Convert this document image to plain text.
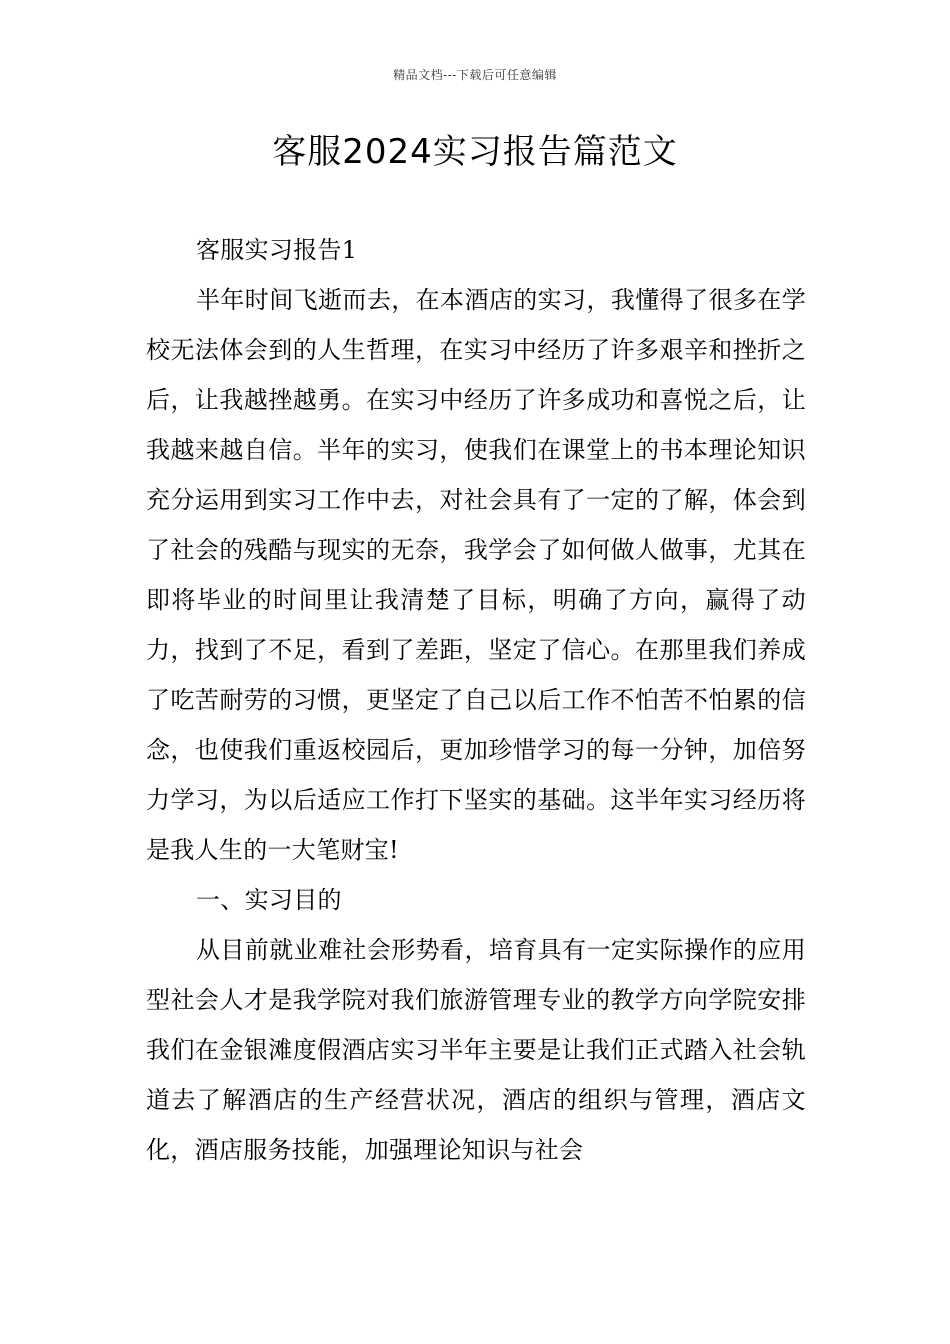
精品文档---下载后可任意编辑
客服2024实习报告篇范文

客服实习报告1

半年时间飞逝而去，在本酒店的实习，我懂得了很多在学校无法体会到的人生哲理，在实习中经历了许多艰辛和挫折之后，让我越挫越勇。在实习中经历了许多成功和喜悦之后，让我越来越自信。半年的实习，使我们在课堂上的书本理论知识充分运用到实习工作中去，对社会具有了一定的了解，体会到了社会的残酷与现实的无奈，我学会了如何做人做事，尤其在即将毕业的时间里让我清楚了目标，明确了方向，赢得了动力，找到了不足，看到了差距，坚定了信心。在那里我们养成了吃苦耐劳的习惯，更坚定了自己以后工作不怕苦不怕累的信念，也使我们重返校园后，更加珍惜学习的每一分钟，加倍努力学习，为以后适应工作打下坚实的基础。这半年实习经历将是我人生的一大笔财宝!

一、实习目的

从目前就业难社会形势看，培育具有一定实际操作的应用型社会人才是我学院对我们旅游管理专业的教学方向学院安排我们在金银滩度假酒店实习半年主要是让我们正式踏入社会轨道去了解酒店的生产经营状况，酒店的组织与管理，酒店文化，酒店服务技能，加强理论知识与社会
